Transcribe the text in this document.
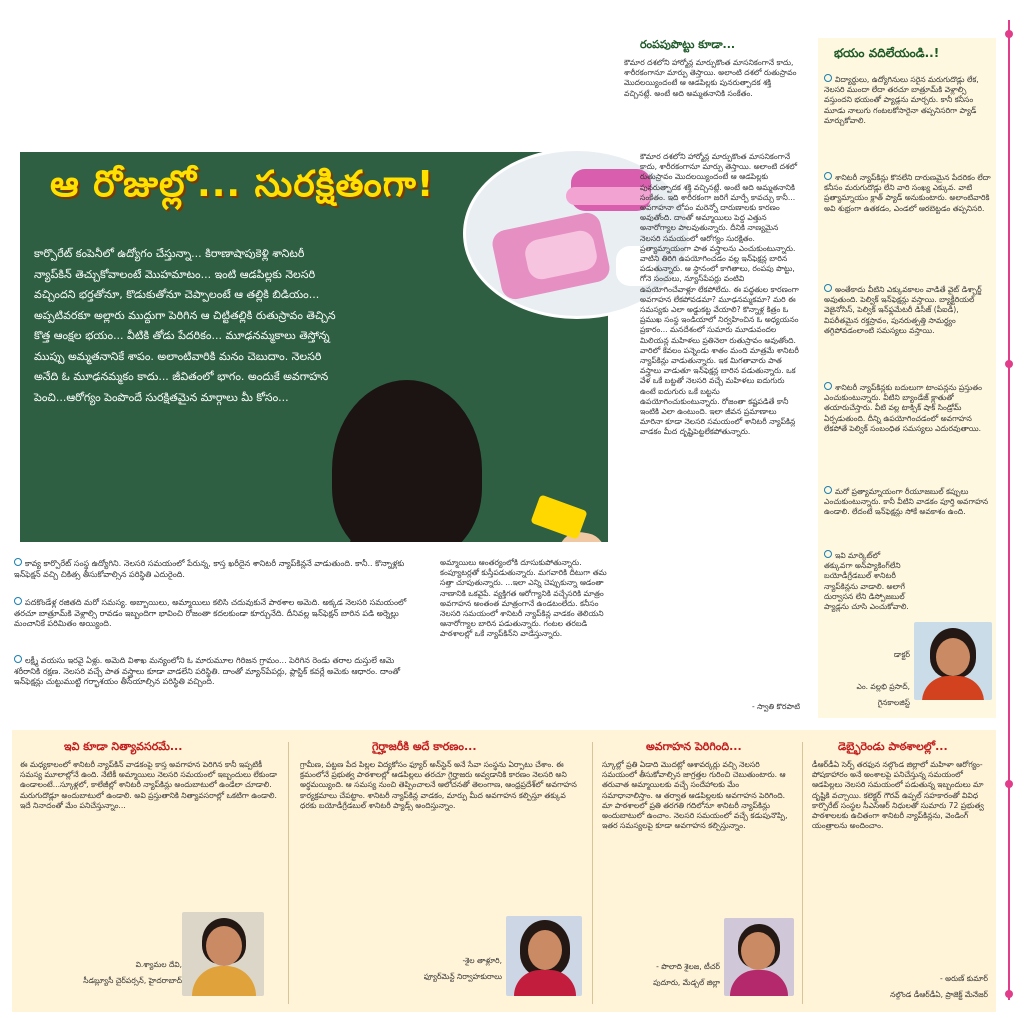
ఆ రోజుల్లో... సురక్షితంగా!
కార్పొరేట్ కంపెనీలో ఉద్యోగం చేస్తున్నా... కిరాణాషాపుకెళ్లి శానిటరీ న్యాప్‌కిన్ తెచ్చుకోవాలంటే మొహమాటం... ఇంటి ఆడపిల్లకు నెలసరి వచ్చిందని భర్తతోనూ, కొడుకుతోనూ చెప్పాలంటే ఆ తల్లికి బిడియం... అప్పటివరకూ అల్లారు ముద్దుగా పెరిగిన ఆ చిట్టితల్లికి రుతుస్రావం తెచ్చిన కొత్త ఆంక్షల భయం... వీటికి తోడు పేదరికం... మూఢనమ్మకాలు తెస్తోన్న ముప్పు అమ్మతనానికే శాపం. అలాంటివారికి మనం చెబుదాం. నెలసరి అనేది ఓ మూఢనమ్మకం కాదు... జీవితంలో భాగం. అందుకే అవగాహన పెంచి...ఆరోగ్యం పెంపొందే సురక్షితమైన మార్గాలు మీ కోసం...
కావ్య కార్పొరేట్ సంస్థ ఉద్యోగిని. నెలసరి సమయంలో పేరున్న, కాస్త ఖరీదైన శానిటరీ న్యాప్‌కిన్లనే వాడుతుంది. కానీ.. కొన్నాళ్లకు ఇన్‌ఫెక్షన్ వచ్చి చికిత్స తీసుకోవాల్సిన పరిస్థితి ఎదురైంది.
పదకొండేళ్ల రజితది మరో సమస్య. అబ్బాయిలు, అమ్మాయిలు కలిసి చదువుకునే పాఠశాల అమెది. అక్కడ నెలసరి సమయంలో తరచూ బాత్రూమ్‌కి వెళ్లాల్సి రావడం ఇబ్బందిగా భావించి రోజంతా కదలకుండా కూర్చునేది. దీనివల్ల ఇన్‌ఫెక్షన్ బారిన పడి అర్నెల్లు మంచానికే పరిమితం అయ్యింది.
లక్ష్మీ వయసు ఇరవై ఏళ్లు. అమెది విశాఖ మన్యంలోని ఓ మారుమూల గిరిజన గ్రామం... పెరిగిన రెండు తరాల దుస్తులే ఆమె శరీరానికి రక్షణ. నెలసరి వచ్చే పాత వస్త్రాలు కూడా వాడలేని పరిస్థితి. దాంతో మ్యాన్‌పేపర్లు, ప్లాస్టిక్ కవర్లే అమెకు ఆధారం. దాంతో ఇన్‌ఫెక్షన్లు చుట్టుముట్టి గర్భాశయం తీసేయాల్సిన పరిస్థితి వచ్చింది.
అమ్మాయిలు ఆంతర్యంలోకి దూసుకుపోతున్నారు. కంప్యూటర్లతో కుస్తీపడుతున్నారు. మగవారికి దీటుగా తమ సత్తా చూపుతున్నారు. ...ఇలా ఎన్ని చెప్పుకున్నా ఆడంతా నాణానికి ఒకవైపే. వ్యక్తిగత ఆరోగ్యానికి వచ్చేసరికి మాత్రం అవగాహన అంతంత మాత్రంగానే ఉండటంలేదు. కనీసం నెలసరి సమయంలో శానిటరీ న్యాప్‌కిన్ల వాడకం తెలియని ఆనారోగ్యాల బారిన పడుతున్నారు. గంటల తరబడి పాఠశాలల్లో ఒకే న్యాప్‌కిన్‌ని వాడేస్తున్నారు.
- స్వాతి కొరపాటి
రంపపుపొట్టు కూడా...
కౌమార దశలోని హార్మోన్ల మార్పుకొంత మాసనికంగానే కాదు, శారీరకంగానూ మార్పు తెస్తాయి. అలాంటి దశలో రుతుస్రావం మొదలయ్యిందంటే ఆ ఆడపిల్లకు పునరుత్పాదక శక్తి వచ్చినట్లే. అంటే అది అమ్మతనానికి సంకేతం.
కౌమార దశలోని హార్మోన్ల మార్పుకొంత మాసనికంగానే కాదు, శారీరకంగానూ మార్పు తెస్తాయి. అలాంటి దశలో రుతుస్రావం మొదలయ్యిందంటే ఆ ఆడపిల్లకు పునరుత్పాదక శక్తి వచ్చినట్లే. అంటే అది అమ్మతనానికి సంకేతం. ఇది శారీరకంగా జరిగే మార్పే కావచ్చు కానీ... అవగాహనా లోపం మరెన్నో దారుణాలకు కారణం అవుతోంది. దాంతో అమ్మాయిలు పెద్ద ఎత్తున అనారోగ్యాల పాలవుతున్నారు. దీనికి నాణ్యమైన నెలసరి సమయంలో ఆరోగ్యం సురక్షితం. ప్రత్యామ్నాయంగా పాత వస్త్రాలను ఎంచుకుంటున్నారు. వాటిని తిరిగి ఉపయోగించడం వల్ల ఇన్‌ఫెక్షన్ల బారిన పడుతున్నారు. ఆ స్థానంలో కాగితాలు, రంపపు పొట్టు, గోనె సంచులు, న్యూస్‌పేపర్లు వంటివి ఉపయోగించేవాళ్లూ లేకపోలేదు. ఈ పద్ధతుల కారణంగా అవగాహన లేకపోవడమా? మూఢనమ్మకమా? మరి ఈ సమస్యకు ఎలా అడ్డుకట్ట వేయాలి? కొన్నాళ్ల కిత్రం ఓ ప్రముఖ సంస్థ ఇండియాలో నిర్వహించిన ఓ అధ్యయనం ప్రకారం... మనదేశంలో సుమారు మూడువందల మిలియన్ల మహిళలు ప్రతినెలా రుతుస్రావం అవుతోంది. వారిలో కేవలం పన్నెండు శాతం మంది మాత్రమే శానిటరీ న్యాప్‌కిన్లు వాడుతున్నారు. ఇక మిగతావారు పాత వస్త్రాలు వాడుతూ ఇన్‌ఫెక్షన్ల బారిన పడుతున్నారు. ఒక వేళ ఒకే బట్టతో నెలసరి వచ్చే మహిళలు ఐదుగురు ఉంటే ఐదుగురు ఒకే బట్టను ఉపయోగించుకుంటున్నారు. రోజంతా కష్టపడితే కానీ ఇంటికి ఎలా ఉంటుంది. ఇలా జీవన ప్రమాణాలు మారినా కూడా నెలసరి సమయంలో శానిటరీ న్యాప్‌కిన్ల వాడకం మీద దృష్టిపెట్టలేకపోతున్నారు.
భయం వదిలేయండి..!
విద్యార్థులు, ఉద్యోగినులు సరైన మరుగుదొడ్లు లేక, నెలసరి ముందా లేదా తరచూ బాత్రూమ్‌కి వెళ్లాల్సి వస్తుందని భయంతో ప్యాడ్లను మార్చరు. కానీ కనీసం మూడు నాలుగు గంటలకోసారైనా తప్పనిసరిగా ప్యాడ్ మార్చుకోవాలి.
శానిటరీ న్యాప్‌కిన్లు కొనలేని దారుణమైన పేదరికం లేదా కనీసం మరుగుదొడ్లు లేని వారి సంఖ్య ఎక్కువ. వాటి ప్రత్యామ్నాయం క్లాత్ ప్యాడ్ అనుకుంటారు. అలాంటివారికి అవి శుభ్రంగా ఉతకడం, ఎండలో ఆరబెట్టడం తప్పనిసరి.
అంతేకాదు వీటిని ఎక్కువకాలం వాడితే వైట్ డిశ్చార్జ్ అవుతుంది. పెల్విక్ ఇన్‌ఫెక్షన్లు వస్తాయి. బ్యాక్టీరియల్ వెజైనోసిస్, పెల్విక్ ఇన్‌ఫ్లమేటరీ డిసీజ్ (పీఐడీ), విపరీతమైన రక్తస్రావం, పునరుత్పత్తి సామర్థ్యం తగ్గిపోవడంలాంటి సమస్యలు వస్తాయి.
శానిటరీ న్యాప్‌కిన్లకు బదులుగా టాంపన్లను ప్రస్తుతం ఎంచుకుంటున్నారు. వీటిని బ్యాండేజ్ క్లాతుతో తయారుచేస్తారు. వీటి వల్ల టాక్సిక్ షాక్ సిండ్రోమ్ ఏర్పడుతుంది. దీన్ని ఉపయోగించడంలో అవగాహన లేకపోతే పెల్విక్ సంబంధిత సమస్యలు ఎదురవుతాయి.
మరో ప్రత్యామ్నాయంగా రీయూజబుల్ కప్పులు ఎంచుకుంటున్నారు. కానీ వీటిని వాడకం పూర్తి అవగాహన ఉండాలి. లేదంటే ఇన్‌ఫెక్షన్లు సోకే అవకాశం ఉంది.
ఇవి మార్కెట్‌లో తక్కువగా అన్‌ప్యాకింగ్‌లేని బయోడీగ్రేడబుల్ శానిటరీ న్యాప్‌కిన్లను వాడాలి. అలాగే దుర్వాసన లేని డిస్పోజబుల్ ప్యాడ్లను చూసి ఎంచుకోవాలి.
డాక్టర్
ఎం. వల్లభి ప్రసాద్,
గైనకాలజిస్ట్
ఇవి కూడా నిత్యావసరమే...
ఈ మధ్యకాలంలో శానిటరీ న్యాప్‌కిన్ వాడకంపై కాస్త అవగాహన పెరిగిన కానీ ఇప్పటికీ సమస్య మూలాల్లోనే ఉంది. నేటికీ అమ్మాయిలు నెలసరి సమయంలో ఇబ్బందులు లేకుండా ఉండాలంటే...స్కూళ్లలో, కాలేజీల్లో శానిటరీ న్యాప్‌కిన్లు అందుబాటులో ఉండేలా చూడాలి. మరుగుదొడ్లూ అందుబాటులో ఉండాలి. అవి ప్రస్తుతానికి నిత్యావసరాల్లో ఒకటిగా ఉండాలి. ఇదే నినాదంతో మేం పనిచేస్తున్నాం...
వి.శ్యామల దేవి,
సీడబ్ల్యూసీ చైర్‌పర్సన్, హైదరాబాద్
గైర్హాజరీకి అదే కారణం...
గ్రామీణ, పట్టణ పేద పిల్లల విద్యకోసం ఫ్యూర్ అన్‌స్టెన్ అనే సేవా సంస్థను ఏర్పాటు చేశాం. ఈ క్రమంలోనే ప్రభుత్వ పాఠశాలల్లో ఆడపిల్లలు తరచూ గైర్హాజరు అవ్వడానికి కారణం నెలసరి అని అర్థమయ్యింది. ఆ సమస్య నుంచి తెప్పించాలనే ఆలోచనతో తెలంగాణ, ఆంధ్రప్రదేశ్‌లో అవగాహన కార్యక్రమాలు చేపట్టాం. శానిటరీ న్యాప్‌కిన్ల వాడకం, మార్పు మీద అవగాహన కల్పిస్తూ తక్కువ ధరకు బయోడీగ్రేడబుల్ శానిటరీ ప్యాడ్స్ అందిస్తున్నాం.
-శైల తాళ్లూరి,
ఫ్యూర్‌మెన్ట్ నిర్వాహకురాలు
అవగాహన పెరిగింది...
స్కూల్లో ప్రతి ఏడాది మొదట్లో ఆశావర్కర్లు వచ్చి నెలసరి సమయంలో తీసుకోవాల్సిన జాగ్రత్తల గురించి చెబుతుంటారు. ఆ తరువాత అమ్మాయిలకు వచ్చే సందేహాలకు మేం సమాధానాలిస్తాం. ఆ తర్వాత ఆడపిల్లలకు అవగాహన పెరిగింది. మా పాఠశాలలో ప్రతి తరగతి గదిలోనూ శానిటరీ న్యాప్‌కిన్లు అందుబాటులో ఉంచాం. నెలసరి సమయంలో వచ్చే కడుపునొప్పి, ఇతర సమస్యలపై కూడా అవగాహన కల్పిస్తున్నాం.
- పొలాది శైలజ, టీచర్
పుదూరు, మేడ్చల్ జిల్లా
డెబ్భైరెండు పాఠశాలల్లో...
డీఆర్‌డీఏ సెర్ప్ తరఫున నల్గొండ జిల్లాలో మహిళా ఆరోగ్యం- పోషకాహారం అనే అంశాలపై పనిచేస్తున్న సమయంలో ఆడపిల్లలు నెలసరి సమయంలో పడుతున్న ఇబ్బందులు మా దృష్టికి వచ్చాయి. కలెక్టర్ గౌరవ్ ఉప్పల్ సహకారంతో వివిధ కార్పొరేట్ సంస్థల సీఎస్ఆర్ నిధులతో సుమారు 72 ప్రభుత్వ పాఠశాలలకు ఉచితంగా శానిటరీ న్యాప్‌కిన్లను, వెండింగ్ యంత్రాలను అందించాం.
- అరుణ్ కుమార్
నల్గొండ డీఆర్‌డీఏ, ప్రాజెక్ట్ మేనేజర్
